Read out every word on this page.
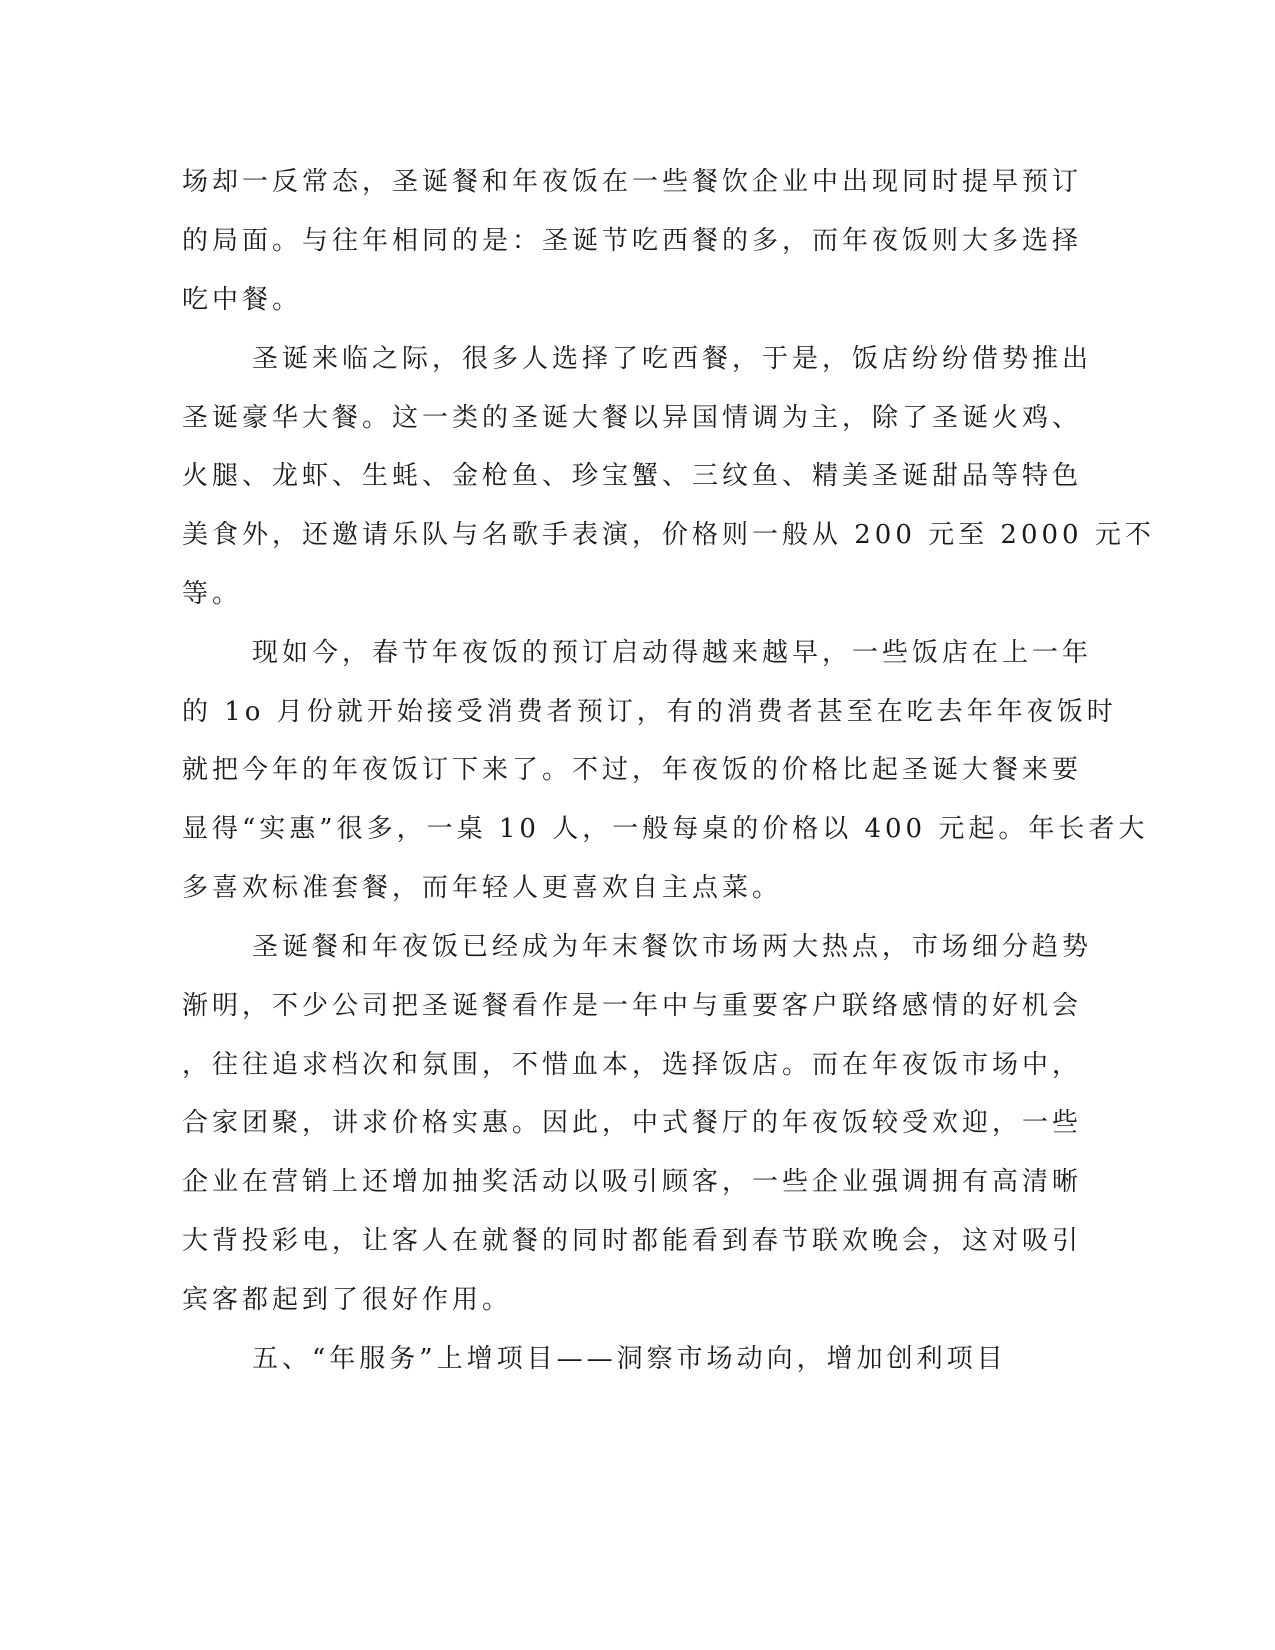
场却一反常态，圣诞餐和年夜饭在一些餐饮企业中出现同时提早预订
的局面。与往年相同的是：圣诞节吃西餐的多，而年夜饭则大多选择
吃中餐。
圣诞来临之际，很多人选择了吃西餐，于是，饭店纷纷借势推出
圣诞豪华大餐。这一类的圣诞大餐以异国情调为主，除了圣诞火鸡、
火腿、龙虾、生蚝、金枪鱼、珍宝蟹、三纹鱼、精美圣诞甜品等特色
美食外，还邀请乐队与名歌手表演，价格则一般从 200 元至 2000 元不
等。
现如今，春节年夜饭的预订启动得越来越早，一些饭店在上一年
的 1o 月份就开始接受消费者预订，有的消费者甚至在吃去年年夜饭时
就把今年的年夜饭订下来了。不过，年夜饭的价格比起圣诞大餐来要
显得“实惠”很多，一桌 10 人，一般每桌的价格以 400 元起。年长者大
多喜欢标准套餐，而年轻人更喜欢自主点菜。
圣诞餐和年夜饭已经成为年末餐饮市场两大热点，市场细分趋势
渐明，不少公司把圣诞餐看作是一年中与重要客户联络感情的好机会
，往往追求档次和氛围，不惜血本，选择饭店。而在年夜饭市场中，
合家团聚，讲求价格实惠。因此，中式餐厅的年夜饭较受欢迎，一些
企业在营销上还增加抽奖活动以吸引顾客，一些企业强调拥有高清晰
大背投彩电，让客人在就餐的同时都能看到春节联欢晚会，这对吸引
宾客都起到了很好作用。
五、“年服务”上增项目——洞察市场动向，增加创利项目
